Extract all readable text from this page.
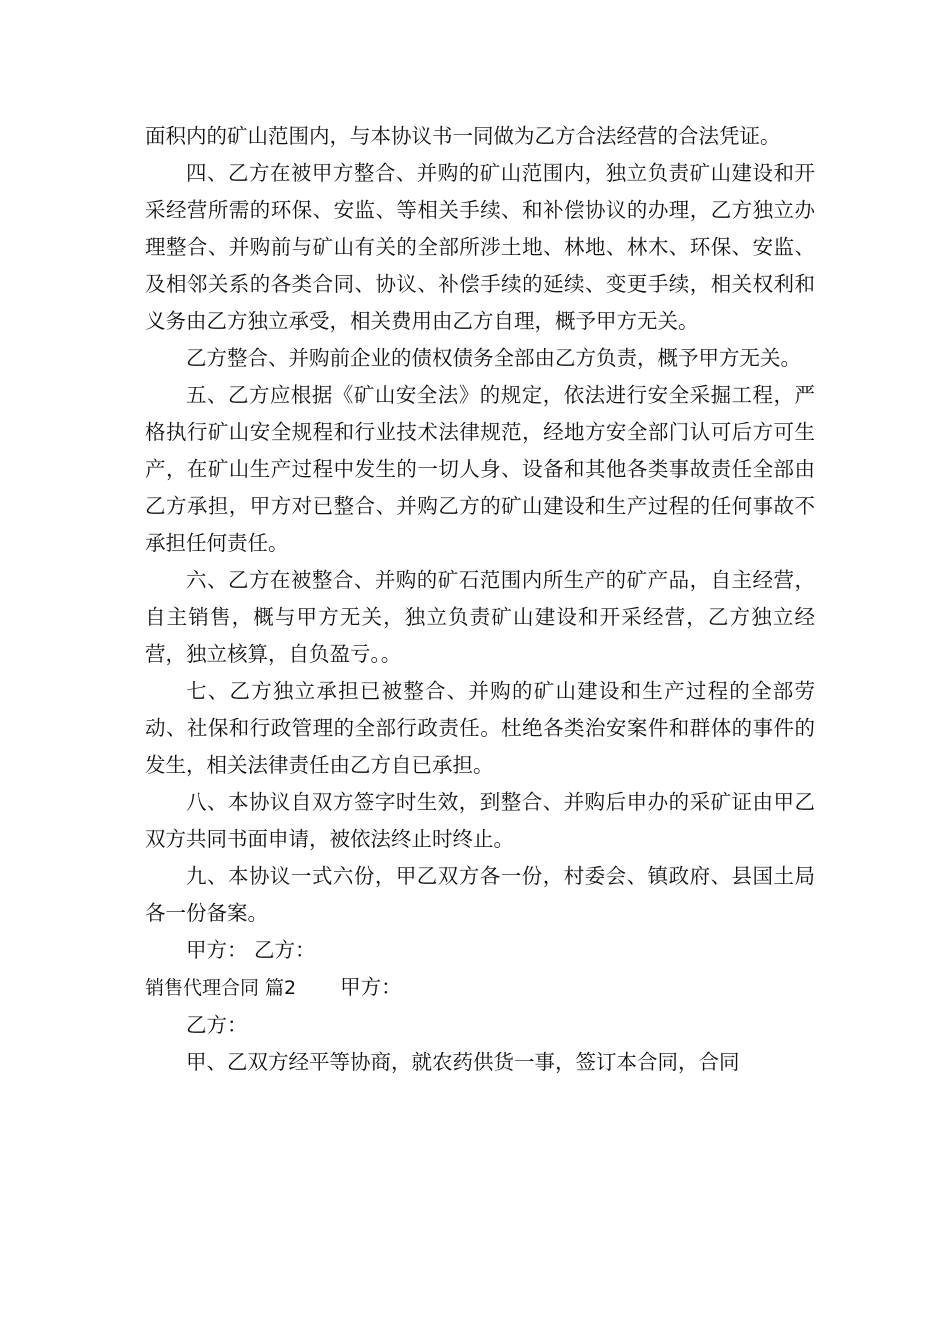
面积内的矿山范围内，与本协议书一同做为乙方合法经营的合法凭证。

四、乙方在被甲方整合、并购的矿山范围内，独立负责矿山建设和开采经营所需的环保、安监、等相关手续、和补偿协议的办理，乙方独立办理整合、并购前与矿山有关的全部所涉土地、林地、林木、环保、安监、及相邻关系的各类合同、协议、补偿手续的延续、变更手续，相关权利和义务由乙方独立承受，相关费用由乙方自理，概予甲方无关。

乙方整合、并购前企业的债权债务全部由乙方负责，概予甲方无关。

五、乙方应根据《矿山安全法》的规定，依法进行安全采掘工程，严格执行矿山安全规程和行业技术法律规范，经地方安全部门认可后方可生产，在矿山生产过程中发生的一切人身、设备和其他各类事故责任全部由乙方承担，甲方对已整合、并购乙方的矿山建设和生产过程的任何事故不承担任何责任。

六、乙方在被整合、并购的矿石范围内所生产的矿产品，自主经营，自主销售，概与甲方无关，独立负责矿山建设和开采经营，乙方独立经营，独立核算，自负盈亏。。

七、乙方独立承担已被整合、并购的矿山建设和生产过程的全部劳动、社保和行政管理的全部行政责任。杜绝各类治安案件和群体的事件的发生，相关法律责任由乙方自已承担。

八、本协议自双方签字时生效，到整合、并购后申办的采矿证由甲乙双方共同书面申请，被依法终止时终止。

九、本协议一式六份，甲乙双方各一份，村委会、镇政府、县国土局各一份备案。

甲方： 乙方：

销售代理合同 篇2 甲方：

乙方：

甲、乙双方经平等协商，就农药供货一事，签订本合同，合同
